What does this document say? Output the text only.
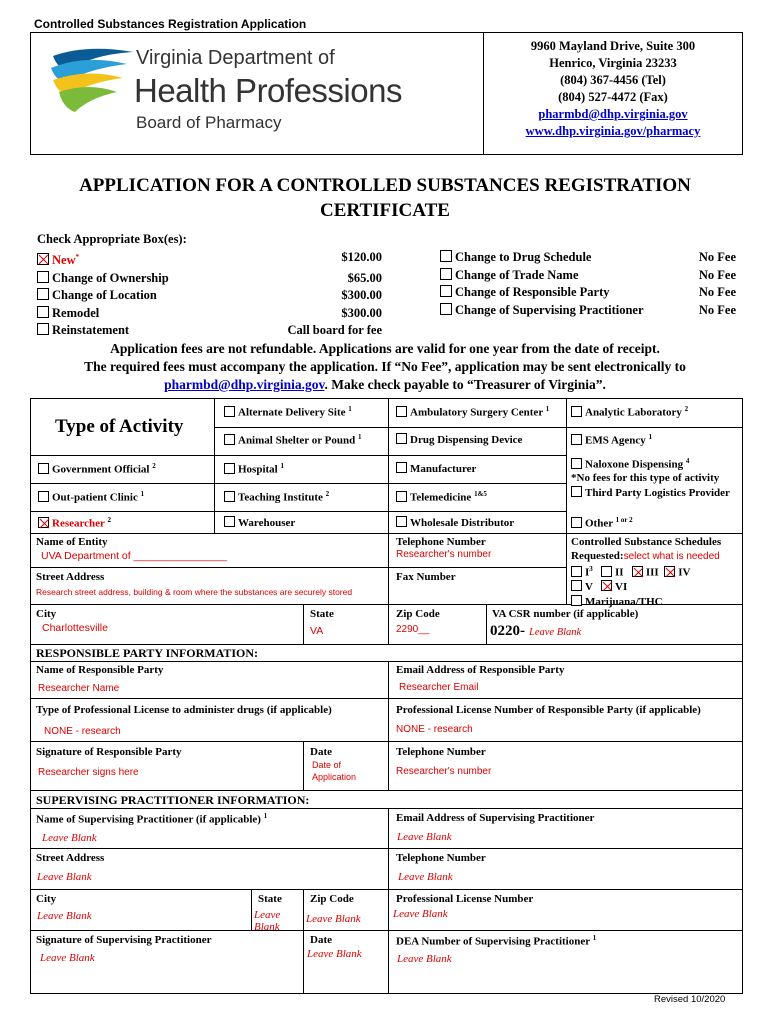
Controlled Substances Registration Application
Virginia Department of
Health Professions
Board of Pharmacy
9960 Mayland Drive, Suite 300
Henrico, Virginia 23233
(804) 367-4456 (Tel)
(804) 527-4472 (Fax)
pharmbd@dhp.virginia.gov
www.dhp.virginia.gov/pharmacy
APPLICATION FOR A CONTROLLED SUBSTANCES REGISTRATION
CERTIFICATE
Check Appropriate Box(es):
New*	$120.00
Change of Ownership	$65.00
Change of Location	$300.00
Remodel	$300.00
Reinstatement	Call board for fee
Change to Drug Schedule	No Fee
Change of Trade Name	No Fee
Change of Responsible Party	No Fee
Change of Supervising Practitioner	No Fee
Application fees are not refundable. Applications are valid for one year from the date of receipt.
The required fees must accompany the application. If “No Fee”, application may be sent electronically to
pharmbd@dhp.virginia.gov. Make check payable to “Treasurer of Virginia”.
Type of Activity
Alternate Delivery Site $^1$	Ambulatory Surgery Center $^1$	Analytic Laboratory $^2$
Animal Shelter or Pound $^1$	Drug Dispensing Device	EMS Agency $^1$
Government Official $^2$	Hospital $^1$	Manufacturer	Naloxone Dispensing $^4$
*No fees for this type of activity
Third Party Logistics Provider
Out-patient Clinic $^1$	Teaching Institute $^2$	Telemedicine $^{1\&5}$
Researcher $^2$	Warehouser	Wholesale Distributor	Other $^{1 or 2}$
Name of Entity
UVA Department of ________________
Telephone Number
Researcher's number
Street Address
Research street address, building & room where the substances are securely stored
Fax Number
City
Charlottesville
State
VA
Zip Code
2290__
VA CSR number (if applicable)
0220- Leave Blank
Controlled Substance Schedules
Requested:select what is needed
$I^3$ II III IV
V VI
Marijuana/THC
RESPONSIBLE PARTY INFORMATION:
Name of Responsible Party
Researcher Name
Email Address of Responsible Party
Researcher Email
Type of Professional License to administer drugs (if applicable)
NONE - research
Professional License Number of Responsible Party (if applicable)
NONE - research
Signature of Responsible Party
Researcher signs here
Date
Date of
Application
Telephone Number
Researcher's number
SUPERVISING PRACTITIONER INFORMATION:
Name of Supervising Practitioner (if applicable) $^1$
Leave Blank
Email Address of Supervising Practitioner
Leave Blank
Street Address
Leave Blank
Telephone Number
Leave Blank
City
Leave Blank
State
Leave
Blank
Zip Code
Leave Blank
Professional License Number
Leave Blank
Signature of Supervising Practitioner
Leave Blank
Date
Leave Blank
DEA Number of Supervising Practitioner $^1$
Leave Blank
Revised 10/2020
